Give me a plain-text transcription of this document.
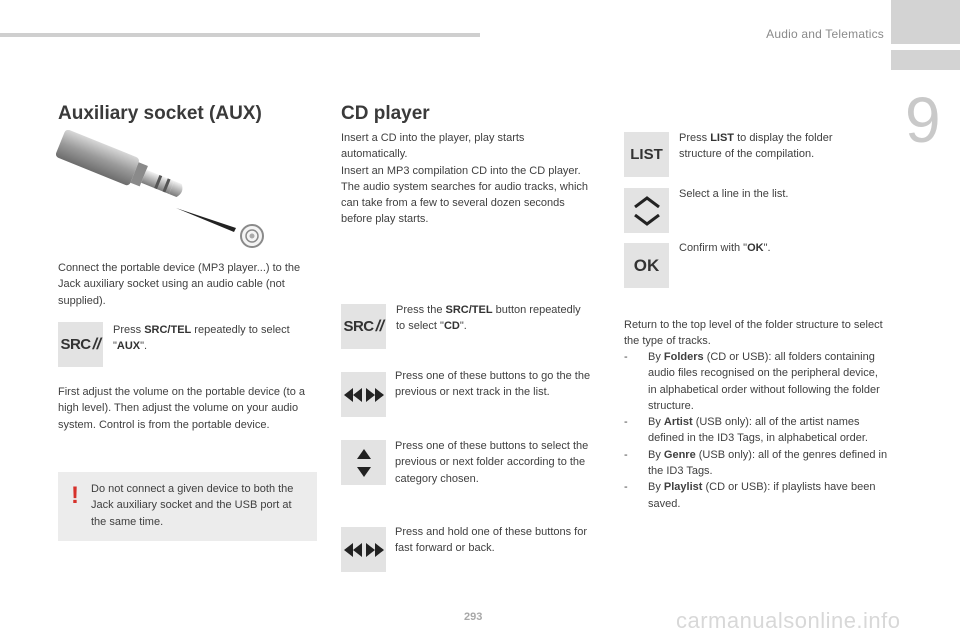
Audio and Telematics
9
Auxiliary socket (AUX)
Connect the portable device (MP3 player...) to the Jack auxiliary socket using an audio cable (not supplied).
SRC //
Press SRC/TEL repeatedly to select "AUX".
First adjust the volume on the portable device (to a high level). Then adjust the volume on your audio system. Control is from the portable device.
! Do not connect a given device to both the Jack auxiliary socket and the USB port at the same time.
CD player
Insert a CD into the player, play starts automatically.
Insert an MP3 compilation CD into the CD player.
The audio system searches for audio tracks, which can take from a few to several dozen seconds before play starts.
SRC //
Press the SRC/TEL button repeatedly to select "CD".
Press one of these buttons to go the the previous or next track in the list.
Press one of these buttons to select the previous or next folder according to the category chosen.
Press and hold one of these buttons for fast forward or back.
LIST
Press LIST to display the folder structure of the compilation.
Select a line in the list.
OK
Confirm with "OK".
Return to the top level of the folder structure to select the type of tracks.
- By Folders (CD or USB): all folders containing audio files recognised on the peripheral device, in alphabetical order without following the folder structure.
- By Artist (USB only): all of the artist names defined in the ID3 Tags, in alphabetical order.
- By Genre (USB only): all of the genres defined in the ID3 Tags.
- By Playlist (CD or USB): if playlists have been saved.
293	carmanualsonline.info
